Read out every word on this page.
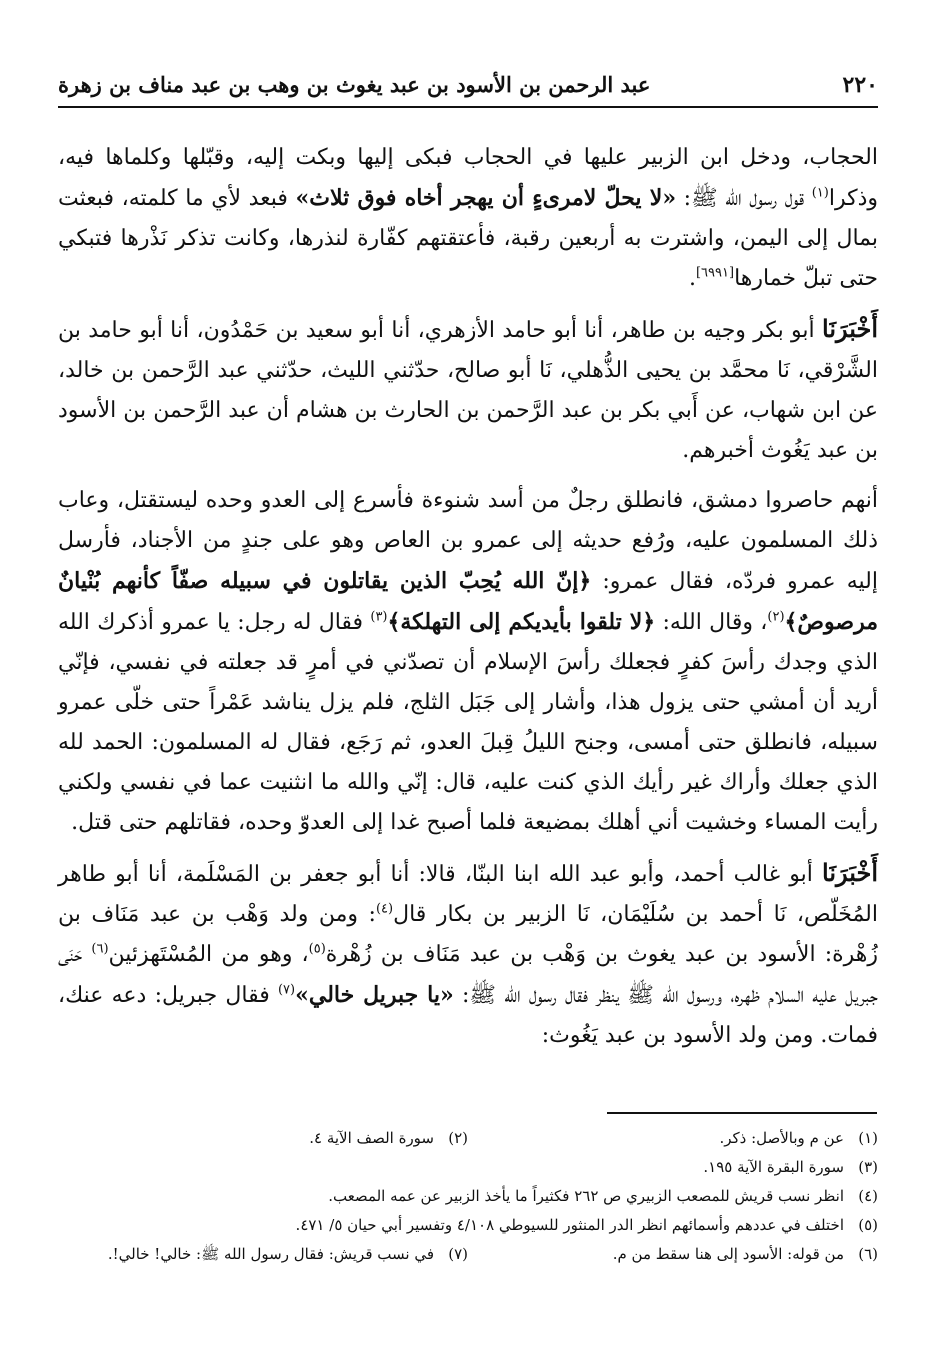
٢٢٠
عبد الرحمن بن الأسود بن عبد يغوث بن وهب بن عبد مناف بن زهرة

الحجاب، ودخل ابن الزبير عليها في الحجاب فبكى إليها وبكت إليه، وقبّلها وكلماها فيه، وذكرا$^{(١)}$ قول رسول الله ﷺ: «لا يحلّ لامرىءٍ أن يهجر أخاه فوق ثلاث» فبعد لأي ما كلمته، فبعثت بمال إلى اليمن، واشترت به أربعين رقبة، فأعتقتهم كفّارة لنذرها، وكانت تذكر نَذْرها فتبكي حتى تبلّ خمارها[٦٩٩١].

أَخْبَرَنَا أبو بكر وجيه بن طاهر، أنا أبو حامد الأزهري، أنا أبو سعيد بن حَمْدُون، أنا أبو حامد بن الشَّرْقي، نَا محمَّد بن يحيى الذُّهلي، نَا أبو صالح، حدّثني الليث، حدّثني عبد الرَّحمن بن خالد، عن ابن شهاب، عن أَبي بكر بن عبد الرَّحمن بن الحارث بن هشام أن عبد الرَّحمن بن الأسود بن عبد يَغُوث أخبرهم.

أنهم حاصروا دمشق، فانطلق رجلٌ من أسد شنوءة فأسرع إلى العدو وحده ليستقتل، وعاب ذلك المسلمون عليه، ورُفع حديثه إلى عمرو بن العاص وهو على جندٍ من الأجناد، فأرسل إليه عمرو فردّه، فقال عمرو: ﴿إنّ الله يُحِبّ الذين يقاتلون في سبيله صفّاً كأنهم بُنْيانٌ مرصوصٌ﴾$^{(٢)}$، وقال الله: ﴿لا تلقوا بأيديكم إلى التهلكة﴾$^{(٣)}$ فقال له رجل: يا عمرو أذكرك الله الذي وجدك رأسَ كفرٍ فجعلك رأسَ الإسلام أن تصدّني في أمرٍ قد جعلته في نفسي، فإنّي أريد أن أمشي حتى يزول هذا، وأشار إلى جَبَل الثلج، فلم يزل يناشد عَمْراً حتى خلّى عمرو سبيله، فانطلق حتى أمسى، وجنح الليلُ قِبلَ العدو، ثم رَجَع، فقال له المسلمون: الحمد لله الذي جعلك وأراك غير رأيك الذي كنت عليه، قال: إنّي والله ما انثنيت عما في نفسي ولكني رأيت المساء وخشيت أني أهلك بمضيعة فلما أصبح غدا إلى العدوّ وحده، فقاتلهم حتى قتل.

أَخْبَرَنَا أبو غالب أحمد، وأبو عبد الله ابنا البنّا، قالا: أنا أبو جعفر بن المَسْلَمة، أنا أبو طاهر المُخَلّص، نَا أحمد بن سُلَيْمَان، نَا الزبير بن بكار قال$^{(٤)}$: ومن ولد وَهْب بن عبد مَنَاف بن زُهْرة: الأسود بن عبد يغوث بن وَهْب بن عبد مَنَاف بن زُهْرة$^{(٥)}$، وهو من المُسْتَهزئين$^{(٦)}$ حَنَى جبريل عليه السلام ظهره، ورسول الله ﷺ ينظر فقال رسول الله ﷺ: «يا جبريل خالي»$^{(٧)}$ فقال جبريل: دعه عنك، فمات. ومن ولد الأسود بن عبد يَغُوث:

(١)عن م وبالأصل: ذكر.
(٢)سورة الصف الآية ٤.
(٣)سورة البقرة الآية ١٩٥.
(٤)انظر نسب قريش للمصعب الزبيري ص ٢٦٢ فكثيراً ما يأخذ الزبير عن عمه المصعب.
(٥)اختلف في عددهم وأسمائهم انظر الدر المنثور للسيوطي ٤/١٠٨ وتفسير أبي حيان ٥/ ٤٧١.
(٦)من قوله: الأسود إلى هنا سقط من م.
(٧)في نسب قريش: فقال رسول الله ﷺ: خالي! خالي!.
